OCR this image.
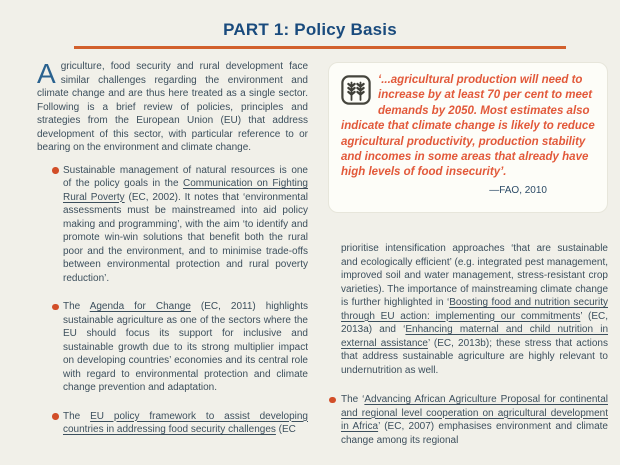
PART 1: Policy Basis

Agriculture, food security and rural development face similar challenges regarding the environment and climate change and are thus here treated as a single sector. Following is a brief review of policies, principles and strategies from the European Union (EU) that address development of this sector, with particular reference to or bearing on the environment and climate change.

Sustainable management of natural resources is one of the policy goals in the Communication on Fighting Rural Poverty (EC, 2002). It notes that ‘environmental assessments must be mainstreamed into aid policy making and programming’, with the aim ‘to identify and promote win-win solutions that benefit both the rural poor and the environment, and to minimise trade-offs between environmental protection and rural poverty reduction’.
The Agenda for Change (EC, 2011) highlights sustainable agriculture as one of the sectors where the EU should focus its support for inclusive and sustainable growth due to its strong multiplier impact on developing countries’ economies and its central role with regard to environmental protection and climate change prevention and adaptation.
The EU policy framework to assist developing countries in addressing food security challenges (EC

‘...agricultural production will need to increase by at least 70 per cent to meet demands by 2050. Most estimates also indicate that climate change is likely to reduce agricultural productivity, production stability and incomes in some areas that already have high levels of food insecurity’.

—FAO, 2010

prioritise intensification approaches ‘that are sustainable and ecologically efficient’ (e.g. integrated pest management, improved soil and water management, stress-resistant crop varieties). The importance of mainstreaming climate change is further highlighted in ‘Boosting food and nutrition security through EU action: implementing our commitments’ (EC, 2013a) and ‘Enhancing maternal and child nutrition in external assistance’ (EC, 2013b); these stress that actions that address sustainable agriculture are highly relevant to undernutrition as well.

The ‘Advancing African Agriculture Proposal for continental and regional level cooperation on agricultural development in Africa’ (EC, 2007) emphasises environment and climate change among its regional
